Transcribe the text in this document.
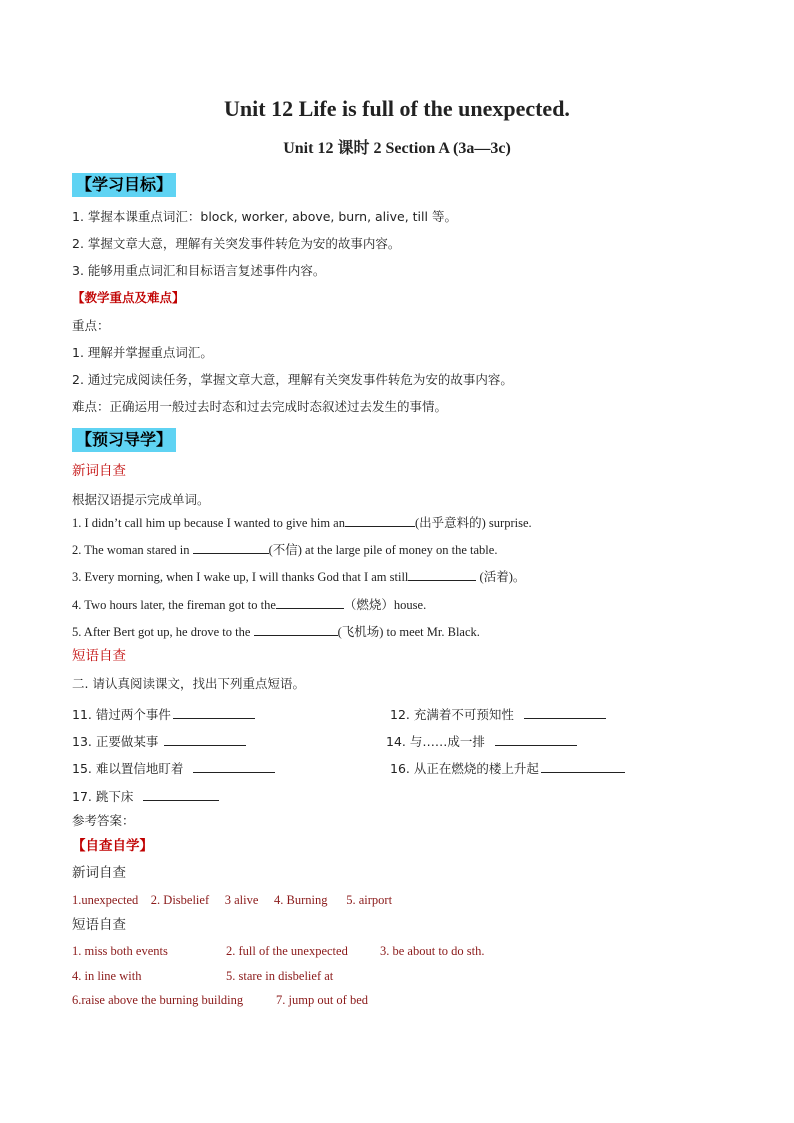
Unit 12 Life is full of the unexpected.
Unit 12 课时 2 Section A (3a—3c)
【学习目标】
1. 掌握本课重点词汇：block, worker, above, burn, alive, till 等。
2. 掌握文章大意，理解有关突发事件转危为安的故事内容。
3. 能够用重点词汇和目标语言复述事件内容。
【教学重点及难点】
重点：
1. 理解并掌握重点词汇。
2. 通过完成阅读任务，掌握文章大意，理解有关突发事件转危为安的故事内容。
难点：正确运用一般过去时态和过去完成时态叙述过去发生的事情。
【预习导学】
新词自查
根据汉语提示完成单词。
1. I didn’t call him up because I wanted to give him an	(出乎意料的) surprise.
2. The woman stared in	(不信) at the large pile of money on the table.
3. Every morning, when I wake up, I will thanks God that I am still	(活着)。
4. Two hours later, the fireman got to the	（燃烧）house.
5. After Bert got up, he drove to the	(飞机场) to meet Mr. Black.
短语自查
二. 请认真阅读课文，找出下列重点短语。
11. 错过两个事件	12. 充满着不可预知性
13. 正要做某事	14. 与……成一排
15. 难以置信地盯着	16. 从正在燃烧的楼上升起
17. 跳下床
参考答案：
【自查自学】
新词自查
1.unexpected    2. Disbelief     3 alive     4. Burning      5. airport
短语自查
1. miss both events	2. full of the unexpected	3. be about to do sth.
4. in line with	5. stare in disbelief at
6.raise above the burning building	7. jump out of bed
